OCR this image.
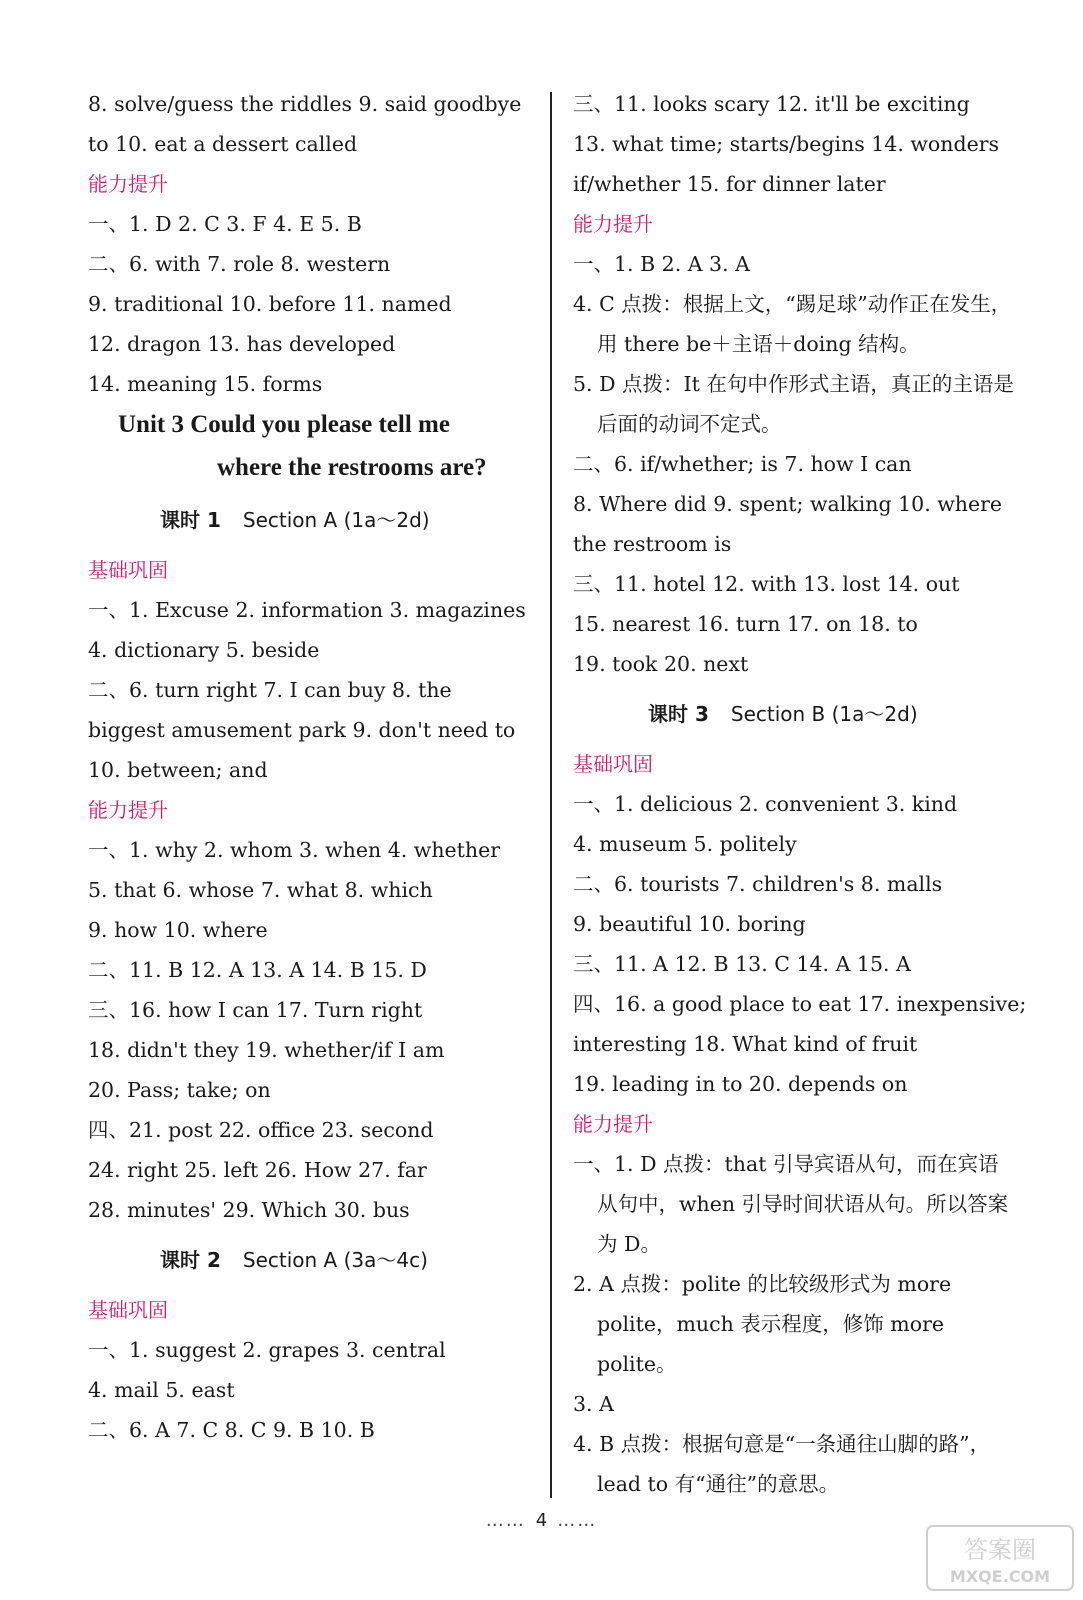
8. solve/guess the riddles 9. said goodbye
to 10. eat a dessert called
能力提升
一、1. D 2. C 3. F 4. E 5. B
二、6. with 7. role 8. western
9. traditional 10. before 11. named
12. dragon 13. has developed
14. meaning 15. forms
Unit 3 Could you please tell me
where the restrooms are?
课时 1 Section A (1a～2d)
基础巩固
一、1. Excuse 2. information 3. magazines
4. dictionary 5. beside
二、6. turn right 7. I can buy 8. the
biggest amusement park 9. don't need to
10. between; and
能力提升
一、1. why 2. whom 3. when 4. whether
5. that 6. whose 7. what 8. which
9. how 10. where
二、11. B 12. A 13. A 14. B 15. D
三、16. how I can 17. Turn right
18. didn't they 19. whether/if I am
20. Pass; take; on
四、21. post 22. office 23. second
24. right 25. left 26. How 27. far
28. minutes' 29. Which 30. bus
课时 2 Section A (3a～4c)
基础巩固
一、1. suggest 2. grapes 3. central
4. mail 5. east
二、6. A 7. C 8. C 9. B 10. B
三、11. looks scary 12. it'll be exciting
13. what time; starts/begins 14. wonders
if/whether 15. for dinner later
能力提升
一、1. B 2. A 3. A
4. C 点拨：根据上文，“踢足球”动作正在发生，用 there be＋主语＋doing 结构。
5. D 点拨：It 在句中作形式主语，真正的主语是后面的动词不定式。
二、6. if/whether; is 7. how I can
8. Where did 9. spent; walking 10. where
the restroom is
三、11. hotel 12. with 13. lost 14. out
15. nearest 16. turn 17. on 18. to
19. took 20. next
课时 3 Section B (1a～2d)
基础巩固
一、1. delicious 2. convenient 3. kind
4. museum 5. politely
二、6. tourists 7. children's 8. malls
9. beautiful 10. boring
三、11. A 12. B 13. C 14. A 15. A
四、16. a good place to eat 17. inexpensive;
interesting 18. What kind of fruit
19. leading in to 20. depends on
能力提升
一、1. D 点拨：that 引导宾语从句，而在宾语从句中，when 引导时间状语从句。所以答案为 D。
2. A 点拨：polite 的比较级形式为 more polite，much 表示程度，修饰 more polite。
3. A
4. B 点拨：根据句意是“一条通往山脚的路”，lead to 有“通往”的意思。
…… 4 ……
答案圈
MXQE.COM
